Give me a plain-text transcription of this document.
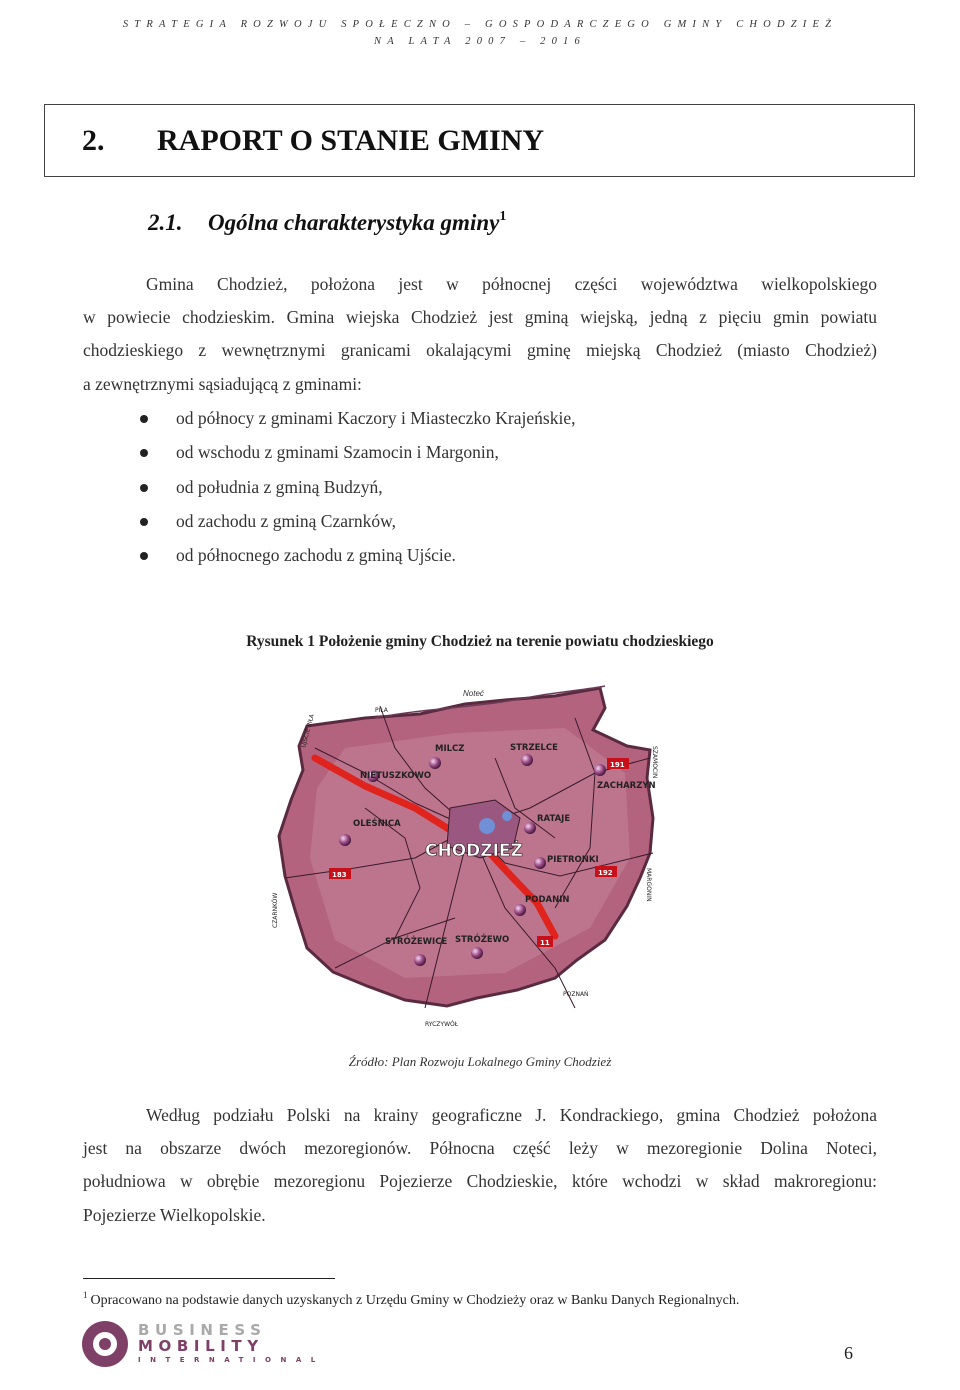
STRATEGIA ROZWOJU SPOŁECZNO – GOSPODARCZEGO GMINY CHODZIEŻ
NA LATA 2007 – 2016
2. RAPORT O STANIE GMINY
2.1. Ogólna charakterystyka gminy$^1$
Gmina Chodzież, położona jest w północnej części województwa wielkopolskiego
w powiecie chodzieskim. Gmina wiejska Chodzież jest gminą wiejską, jedną z pięciu gmin powiatu
chodzieskiego z wewnętrznymi granicami okalającymi gminę miejską Chodzież (miasto Chodzież)
a zewnętrznymi sąsiadującą z gminami:
od północy z gminami Kaczory i Miasteczko Krajeńskie,
od wschodu z gminami Szamocin i Margonin,
od południa z gminą Budzyń,
od zachodu z gminą Czarnków,
od północnego zachodu z gminą Ujście.
Rysunek 1 Położenie gminy Chodzież na terenie powiatu chodzieskiego
Noteć
MILCZ
NIETUSZKOWO
STRZELCE
ZACHARZYN
OLEŚNICA	RATAJE
PIETRONKI
PODANIN
STRÓŻEWICE STRÓŻEWO
CHODZIEŻ
PIŁA
UJŚCIE PIŁA
SZAMOCIN
CZARNKÓW
MARGONIN
POZNAŃ
RYCZYWÓŁ
191
183	192
11
Źródło: Plan Rozwoju Lokalnego Gminy Chodzież
Według podziału Polski na krainy geograficzne J. Kondrackiego, gmina Chodzież położona
jest na obszarze dwóch mezoregionów. Północna część leży w mezoregionie Dolina Noteci,
południowa w obrębie mezoregionu Pojezierze Chodzieskie, które wchodzi w skład makroregionu:
Pojezierze Wielkopolskie.
$^1$ Opracowano na podstawie danych uzyskanych z Urzędu Gminy w Chodzieży oraz w Banku Danych Regionalnych.
BUSINESS
MOBILITY
INTERNATIONAL	6
